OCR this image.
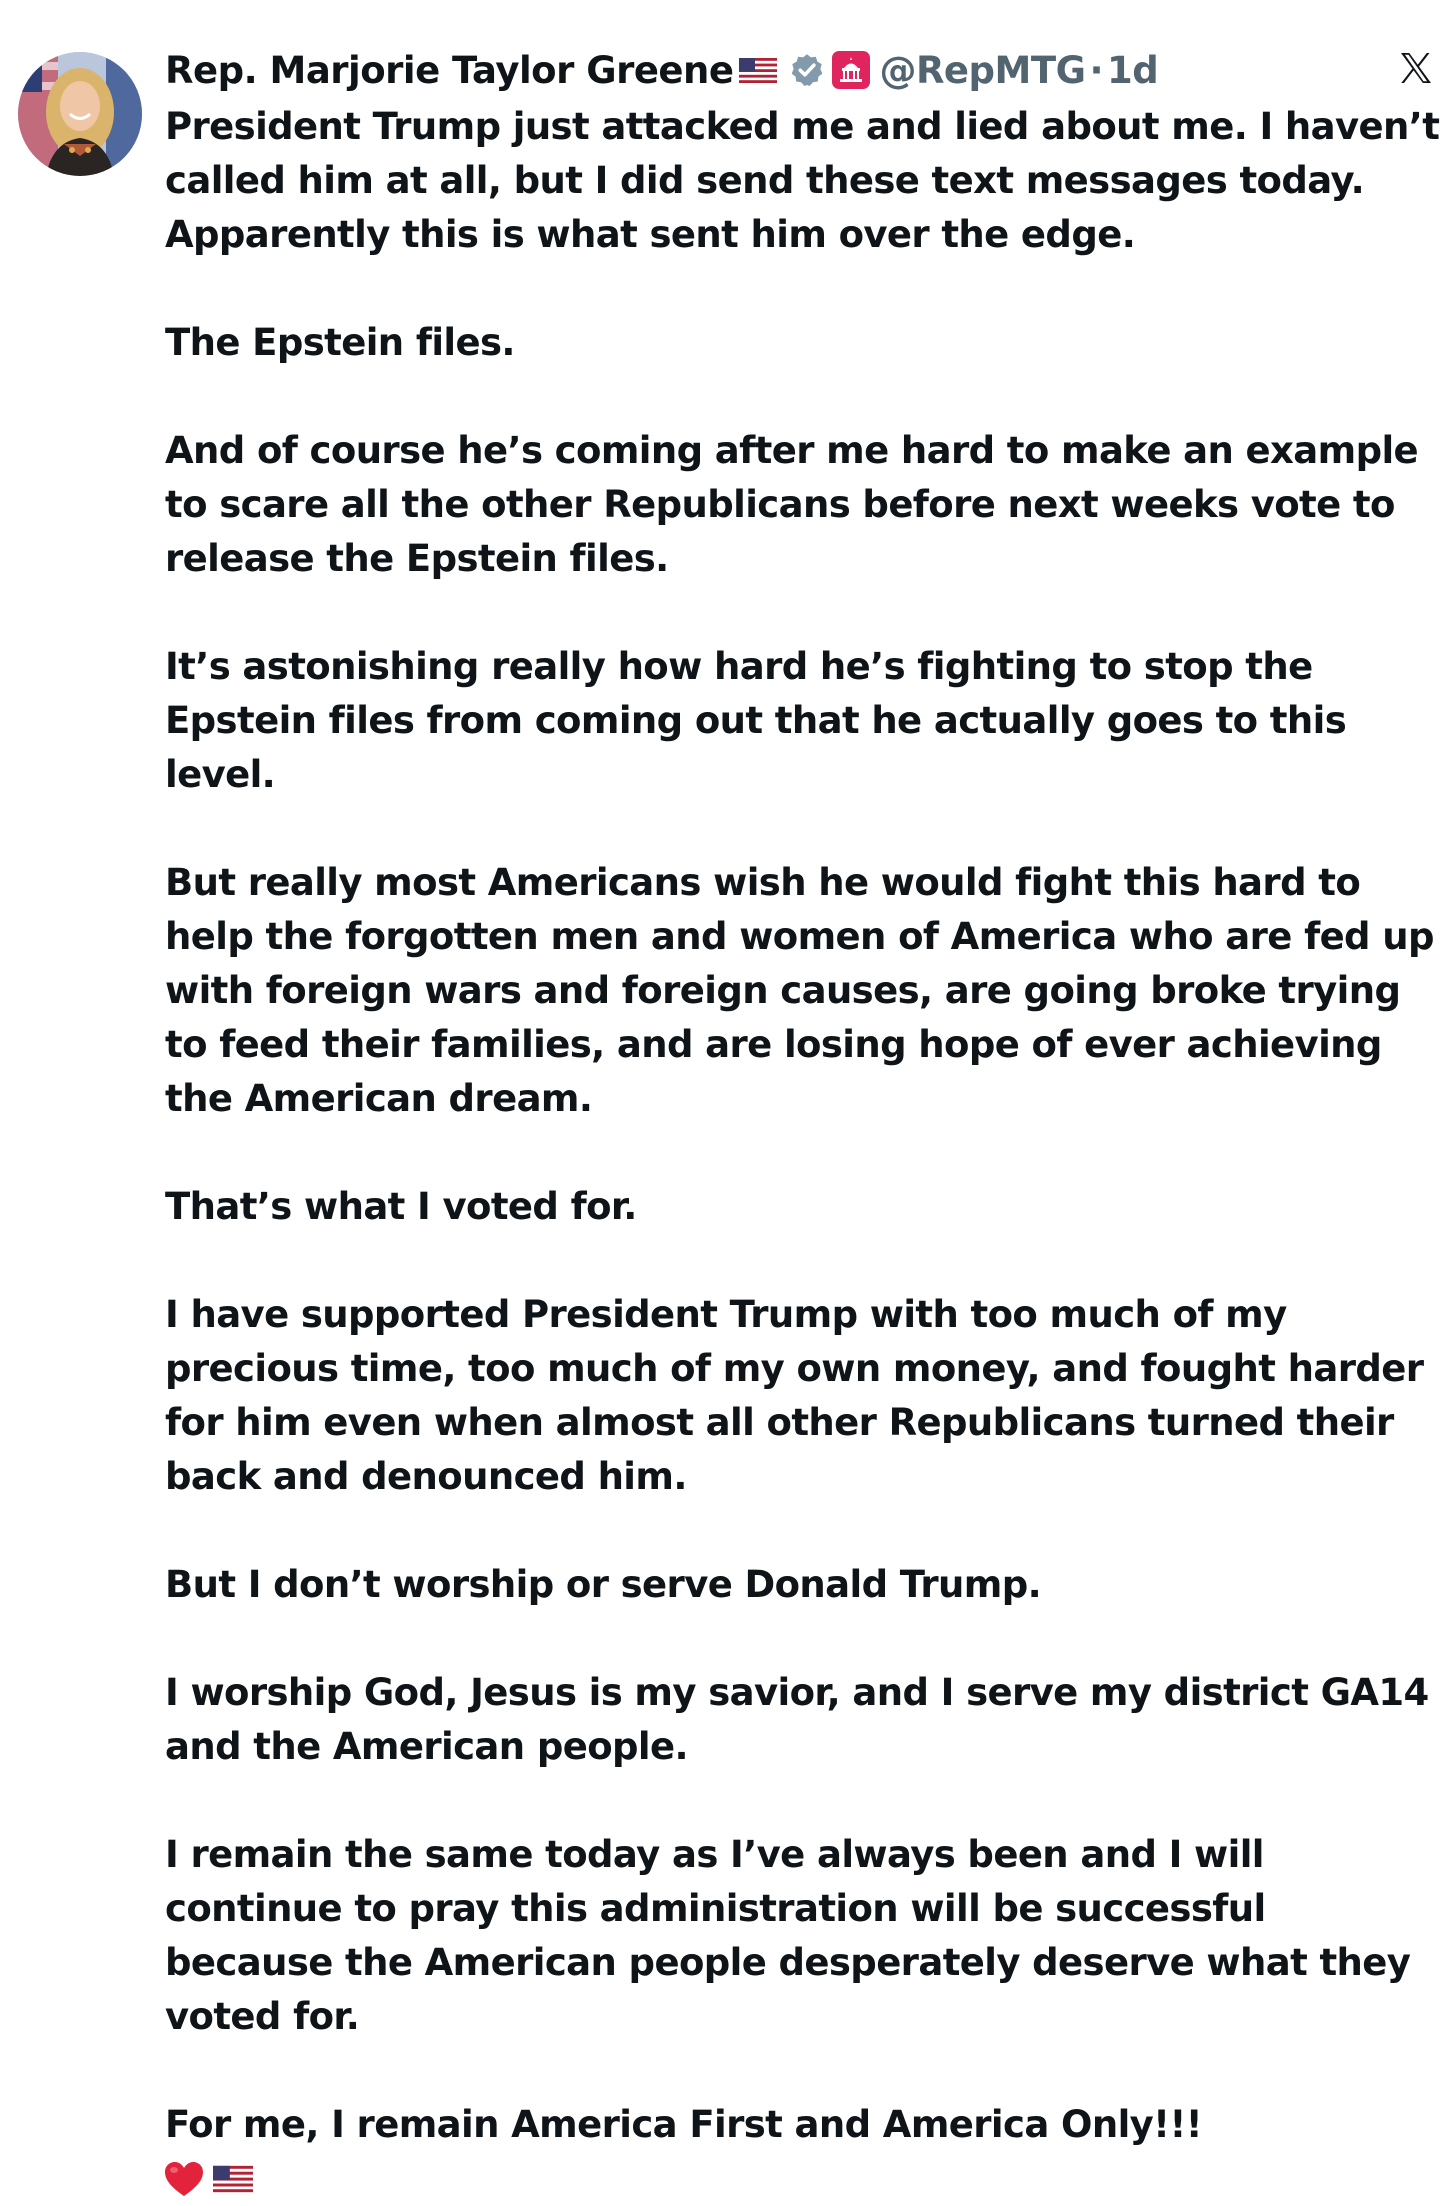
Rep. Marjorie Taylor Greene	@RepMTG · 1d

President Trump just attacked me and lied about me. I haven’t called him at all, but I did send these text messages today. Apparently this is what sent him over the edge.

The Epstein files.

And of course he’s coming after me hard to make an example to scare all the other Republicans before next weeks vote to release the Epstein files.

It’s astonishing really how hard he’s fighting to stop the Epstein files from coming out that he actually goes to this level.

But really most Americans wish he would fight this hard to help the forgotten men and women of America who are fed up with foreign wars and foreign causes, are going broke trying to feed their families, and are losing hope of ever achieving the American dream.

That’s what I voted for.

I have supported President Trump with too much of my precious time, too much of my own money, and fought harder for him even when almost all other Republicans turned their back and denounced him.

But I don’t worship or serve Donald Trump.

I worship God, Jesus is my savior, and I serve my district GA14 and the American people.

I remain the same today as I’ve always been and I will continue to pray this administration will be successful because the American people desperately deserve what they voted for.

For me, I remain America First and America Only!!!
